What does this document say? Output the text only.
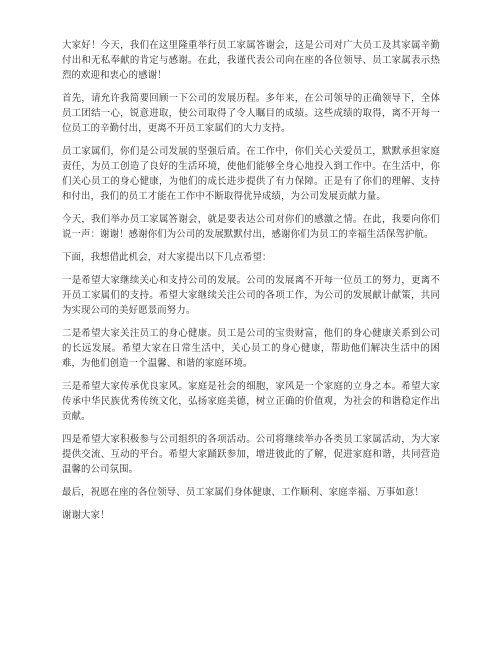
大家好！今天，我们在这里隆重举行员工家属答谢会，这是公司对广大员工及其家属辛勤付出和无私奉献的肯定与感谢。在此，我谨代表公司向在座的各位领导、员工家属表示热烈的欢迎和衷心的感谢！

首先，请允许我简要回顾一下公司的发展历程。多年来，在公司领导的正确领导下，全体员工团结一心，锐意进取，使公司取得了令人瞩目的成绩。这些成绩的取得，离不开每一位员工的辛勤付出，更离不开员工家属们的大力支持。

员工家属们，你们是公司发展的坚强后盾。在工作中，你们关心关爱员工，默默承担家庭责任，为员工创造了良好的生活环境，使他们能够全身心地投入到工作中。在生活中，你们关心员工的身心健康，为他们的成长进步提供了有力保障。正是有了你们的理解、支持和付出，我们的员工才能在工作中不断取得优异成绩，为公司发展贡献力量。

今天，我们举办员工家属答谢会，就是要表达公司对你们的感激之情。在此，我要向你们说一声：谢谢！感谢你们为公司的发展默默付出，感谢你们为员工的幸福生活保驾护航。

下面，我想借此机会，对大家提出以下几点希望：

一是希望大家继续关心和支持公司的发展。公司的发展离不开每一位员工的努力，更离不开员工家属们的支持。希望大家继续关注公司的各项工作，为公司的发展献计献策，共同为实现公司的美好愿景而努力。

二是希望大家关注员工的身心健康。员工是公司的宝贵财富，他们的身心健康关系到公司的长远发展。希望大家在日常生活中，关心员工的身心健康，帮助他们解决生活中的困难，为他们创造一个温馨、和谐的家庭环境。

三是希望大家传承优良家风。家庭是社会的细胞，家风是一个家庭的立身之本。希望大家传承中华民族优秀传统文化，弘扬家庭美德，树立正确的价值观，为社会的和谐稳定作出贡献。

四是希望大家积极参与公司组织的各项活动。公司将继续举办各类员工家属活动，为大家提供交流、互动的平台。希望大家踊跃参加，增进彼此的了解，促进家庭和谐，共同营造温馨的公司氛围。

最后，祝愿在座的各位领导、员工家属们身体健康、工作顺利、家庭幸福、万事如意！

谢谢大家！
